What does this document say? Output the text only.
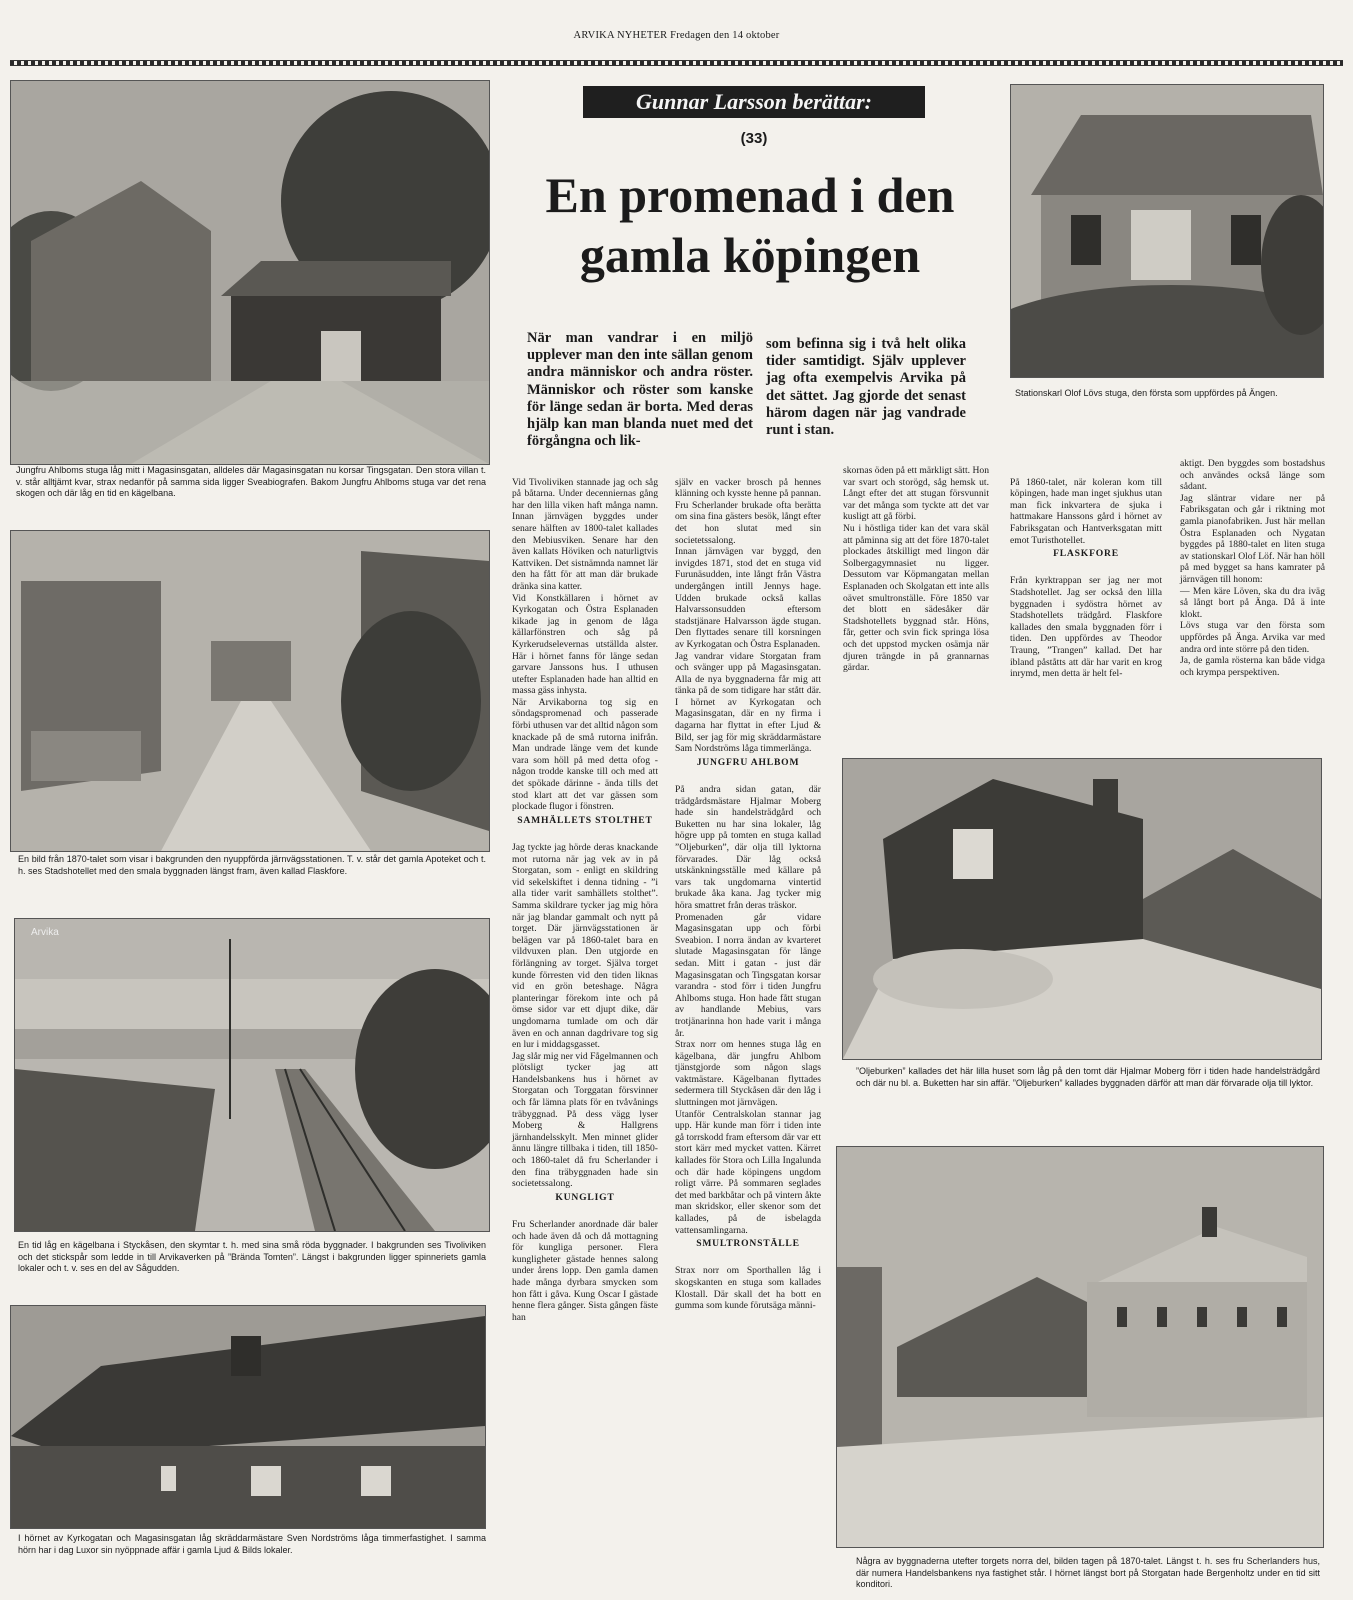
ARVIKA NYHETER Fredagen den 14 oktober
Jungfru Ahlboms stuga låg mitt i Magasinsgatan, alldeles där Magasinsgatan nu korsar Tingsgatan. Den stora villan t. v. står alltjämt kvar, strax nedanför på samma sida ligger Sveabiografen. Bakom Jungfru Ahlboms stuga var det rena skogen och där låg en tid en kägelbana.
En bild från 1870-talet som visar i bakgrunden den nyuppförda järnvägsstationen. T. v. står det gamla Apoteket och t. h. ses Stadshotellet med den smala byggnaden längst fram, även kallad Flaskfore.
Arvika
En tid låg en kägelbana i Styckåsen, den skymtar t. h. med sina små röda byggnader. I bakgrunden ses Tivoliviken och det stickspår som ledde in till Arvikaverken på ”Brända Tomten”. Längst i bakgrunden ligger spinneriets gamla lokaler och t. v. ses en del av Sågudden.
I hörnet av Kyrkogatan och Magasinsgatan låg skräddarmästare Sven Nordströms låga timmerfastighet. I samma hörn har i dag Luxor sin nyöppnade affär i gamla Ljud & Bilds lokaler.
Gunnar Larsson berättar:
(33)
En promenad i den gamla köpingen
När man vandrar i en miljö upplever man den inte sällan genom andra människor och andra röster. Människor och röster som kanske för länge sedan är borta. Med deras hjälp kan man blanda nuet med det förgångna och lik-
som befinna sig i två helt olika tider samtidigt. Själv upplever jag ofta exempelvis Arvika på det sättet. Jag gjorde det senast härom dagen när jag vandrade runt i stan.

Vid Tivoliviken stannade jag och såg på båtarna. Under decenniernas gång har den lilla viken haft många namn. Innan järnvägen byggdes under senare hälften av 1800-talet kallades den Mebiusviken. Senare har den även kallats Höviken och naturligtvis Kattviken. Det sistnämnda namnet lär den ha fått för att man där brukade dränka sina katter.
Vid Konstkällaren i hörnet av Kyrkogatan och Östra Esplanaden kikade jag in genom de låga källarfönstren och såg på Kyrkerudselevernas utställda alster. Här i hörnet fanns för länge sedan garvare Janssons hus. I uthusen utefter Esplanaden hade han alltid en massa gäss inhysta.
När Arvikaborna tog sig en söndagspromenad och passerade förbi uthusen var det alltid någon som knackade på de små rutorna inifrån. Man undrade länge vem det kunde vara som höll på med detta ofog - någon trodde kanske till och med att det spökade därinne - ända tills det stod klart att det var gässen som plockade flugor i fönstren.

SAMHÄLLETS STOLTHET

Jag tyckte jag hörde deras knackande mot rutorna när jag vek av in på Storgatan, som - enligt en skildring vid sekelskiftet i denna tidning - ”i alla tider varit samhällets stolthet”. Samma skildrare tycker jag mig höra när jag blandar gammalt och nytt på torget. Där järnvägsstationen är belägen var på 1860-talet bara en vildvuxen plan. Den utgjorde en förlängning av torget. Själva torget kunde förresten vid den tiden liknas vid en grön beteshage. Några planteringar förekom inte och på ömse sidor var ett djupt dike, där ungdomarna tumlade om och där även en och annan dagdrivare tog sig en lur i middagsgasset.
Jag slår mig ner vid Fågelmannen och plötsligt tycker jag att Handelsbankens hus i hörnet av Storgatan och Torggatan försvinner och får lämna plats för en tvåvånings träbyggnad. På dess vägg lyser Moberg & Hallgrens järnhandelsskylt. Men minnet glider ännu längre tillbaka i tiden, till 1850- och 1860-talet då fru Scherlander i den fina träbyggnaden hade sin societetssalong.

KUNGLIGT

Fru Scherlander anordnade där baler och hade även då och då mottagning för kungliga personer. Flera kungligheter gästade hennes salong under årens lopp. Den gamla damen hade många dyrbara smycken som hon fått i gåva. Kung Oscar I gästade henne flera gånger. Sista gången fäste han

själv en vacker brosch på hennes klänning och kysste henne på pannan. Fru Scherlander brukade ofta berätta om sina fina gästers besök, långt efter det hon slutat med sin societetssalong.
Innan järnvägen var byggd, den invigdes 1871, stod det en stuga vid Furunäsudden, inte långt från Västra undergången intill Jennys hage. Udden brukade också kallas Halvarssonsudden eftersom stadstjänare Halvarsson ägde stugan. Den flyttades senare till korsningen av Kyrkogatan och Östra Esplanaden.
Jag vandrar vidare Storgatan fram och svänger upp på Magasinsgatan. Alla de nya byggnaderna får mig att tänka på de som tidigare har stått där. I hörnet av Kyrkogatan och Magasinsgatan, där en ny firma i dagarna har flyttat in efter Ljud & Bild, ser jag för mig skräddarmästare Sam Nordströms låga timmerlänga.

JUNGFRU AHLBOM

På andra sidan gatan, där trädgårdsmästare Hjalmar Moberg hade sin handelsträdgård och Buketten nu har sina lokaler, låg högre upp på tomten en stuga kallad ”Oljeburken”, där olja till lyktorna förvarades. Där låg också utskänkningsställe med källare på vars tak ungdomarna vintertid brukade åka kana. Jag tycker mig höra smattret från deras träskor.
Promenaden går vidare Magasinsgatan upp och förbi Sveabion. I norra ändan av kvarteret slutade Magasinsgatan för länge sedan. Mitt i gatan - just där Magasinsgatan och Tingsgatan korsar varandra - stod förr i tiden Jungfru Ahlboms stuga. Hon hade fått stugan av handlande Mebius, vars trotjänarinna hon hade varit i många år.
Strax norr om hennes stuga låg en kägelbana, där jungfru Ahlbom tjänstgjorde som någon slags vaktmästare. Kägelbanan flyttades sedermera till Styckåsen där den låg i sluttningen mot järnvägen.
Utanför Centralskolan stannar jag upp. Här kunde man förr i tiden inte gå torrskodd fram eftersom där var ett stort kärr med mycket vatten. Kärret kallades för Stora och Lilla Ingalunda och där hade köpingens ungdom roligt värre. På sommaren seglades det med barkbåtar och på vintern åkte man skridskor, eller skenor som det kallades, på de isbelagda vattensamlingarna.

SMULTRONSTÄLLE

Strax norr om Sporthallen låg i skogskanten en stuga som kallades Klostall. Där skall det ha bott en gumma som kunde förutsäga männi-

skornas öden på ett märkligt sätt. Hon var svart och storögd, såg hemsk ut. Långt efter det att stugan försvunnit var det många som tyckte att det var kusligt att gå förbi.
Nu i höstliga tider kan det vara skäl att påminna sig att det före 1870-talet plockades åtskilligt med lingon där Solbergagymnasiet nu ligger. Dessutom var Köpmangatan mellan Esplanaden och Skolgatan ett inte alls oävet smultronställe. Före 1850 var det blott en sädesåker där Stadshotellets byggnad står. Höns, får, getter och svin fick springa lösa och det uppstod mycken osämja när djuren trängde in på grannarnas gärdar.

På 1860-talet, när koleran kom till köpingen, hade man inget sjukhus utan man fick inkvartera de sjuka i hattmakare Hanssons gård i hörnet av Fabriksgatan och Hantverksgatan mitt emot Turisthotellet.

FLASKFORE

Från kyrktrappan ser jag ner mot Stadshotellet. Jag ser också den lilla byggnaden i sydöstra hörnet av Stadshotellets trädgård. Flaskfore kallades den smala byggnaden förr i tiden. Den uppfördes av Theodor Traung, ”Trangen” kallad. Det har ibland påståtts att där har varit en krog inrymd, men detta är helt fel-

aktigt. Den byggdes som bostadshus och användes också länge som sådant.
Jag släntrar vidare ner på Fabriksgatan och går i riktning mot gamla pianofabriken. Just här mellan Östra Esplanaden och Nygatan byggdes på 1880-talet en liten stuga av stationskarl Olof Löf. När han höll på med bygget sa hans kamrater på järnvägen till honom:
— Men käre Löven, ska du dra iväg så långt bort på Änga. Då ä inte klokt.
Lövs stuga var den första som uppfördes på Änga. Arvika var med andra ord inte större på den tiden.
Ja, de gamla rösterna kan både vidga och krympa perspektiven.
Stationskarl Olof Lövs stuga, den första som uppfördes på Ängen.
”Oljeburken” kallades det här lilla huset som låg på den tomt där Hjalmar Moberg förr i tiden hade handelsträdgård och där nu bl. a. Buketten har sin affär. ”Oljeburken” kallades byggnaden därför att man där förvarade olja till lyktor.
Några av byggnaderna utefter torgets norra del, bilden tagen på 1870-talet. Längst t. h. ses fru Scherlanders hus, där numera Handelsbankens nya fastighet står. I hörnet längst bort på Storgatan hade Bergenholtz under en tid sitt konditori.
